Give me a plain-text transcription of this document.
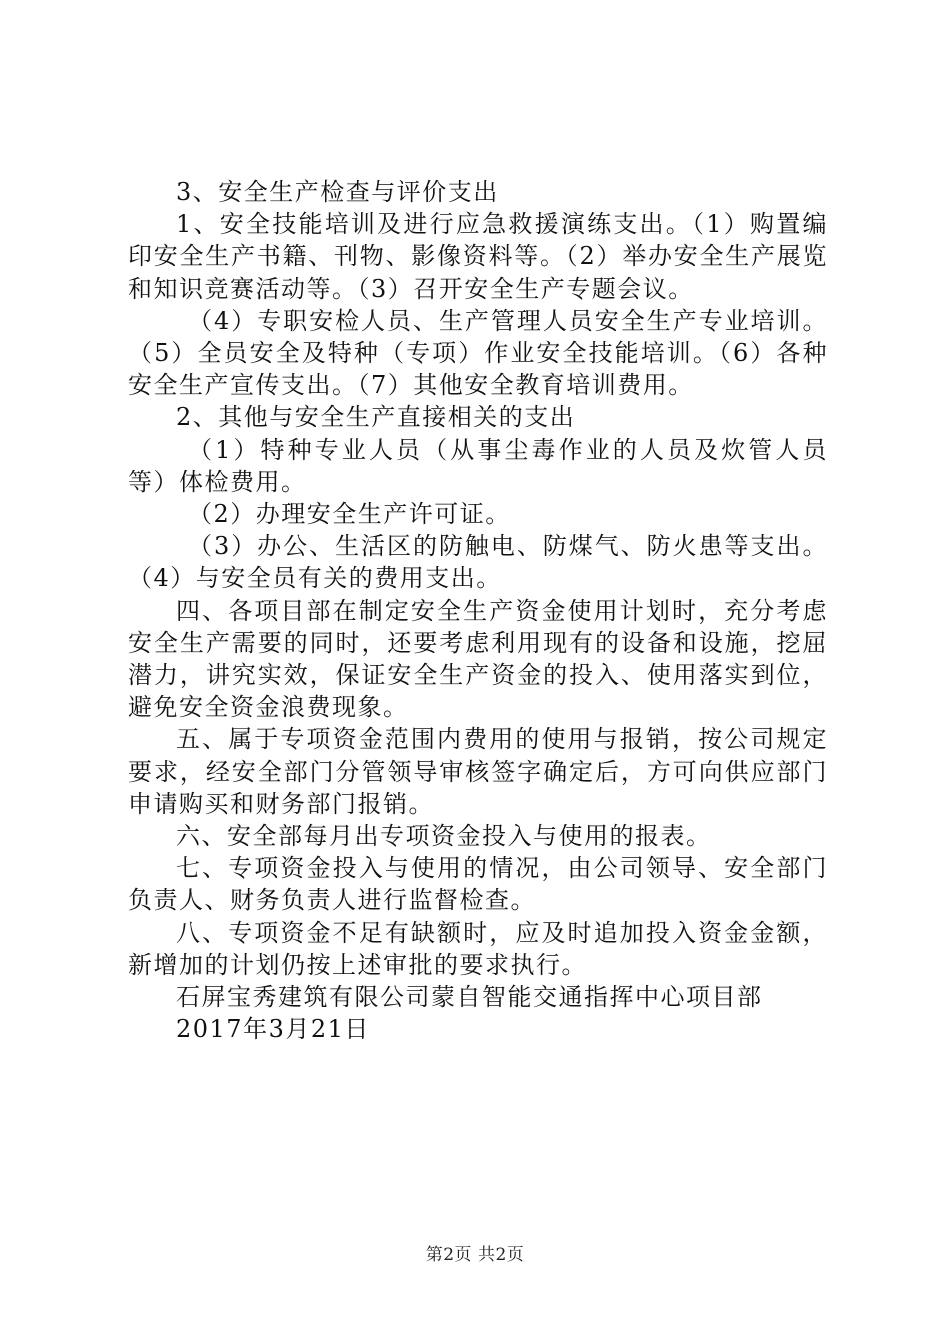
3、安全生产检查与评价支出

1、安全技能培训及进行应急救援演练支出。（1）购置编印安全生产书籍、刊物、影像资料等。（2）举办安全生产展览和知识竞赛活动等。（3）召开安全生产专题会议。

（4）专职安检人员、生产管理人员安全生产专业培训。（5）全员安全及特种（专项）作业安全技能培训。（6）各种安全生产宣传支出。（7）其他安全教育培训费用。

2、其他与安全生产直接相关的支出

（1）特种专业人员（从事尘毒作业的人员及炊管人员等）体检费用。

（2）办理安全生产许可证。

（3）办公、生活区的防触电、防煤气、防火患等支出。（4）与安全员有关的费用支出。

四、各项目部在制定安全生产资金使用计划时，充分考虑安全生产需要的同时，还要考虑利用现有的设备和设施，挖屈潜力，讲究实效，保证安全生产资金的投入、使用落实到位，避免安全资金浪费现象。

五、属于专项资金范围内费用的使用与报销，按公司规定要求，经安全部门分管领导审核签字确定后，方可向供应部门申请购买和财务部门报销。

六、安全部每月出专项资金投入与使用的报表。

七、专项资金投入与使用的情况，由公司领导、安全部门负责人、财务负责人进行监督检查。

八、专项资金不足有缺额时，应及时追加投入资金金额，新增加的计划仍按上述审批的要求执行。

石屏宝秀建筑有限公司蒙自智能交通指挥中心项目部

2017年3月21日

第2页 共2页
